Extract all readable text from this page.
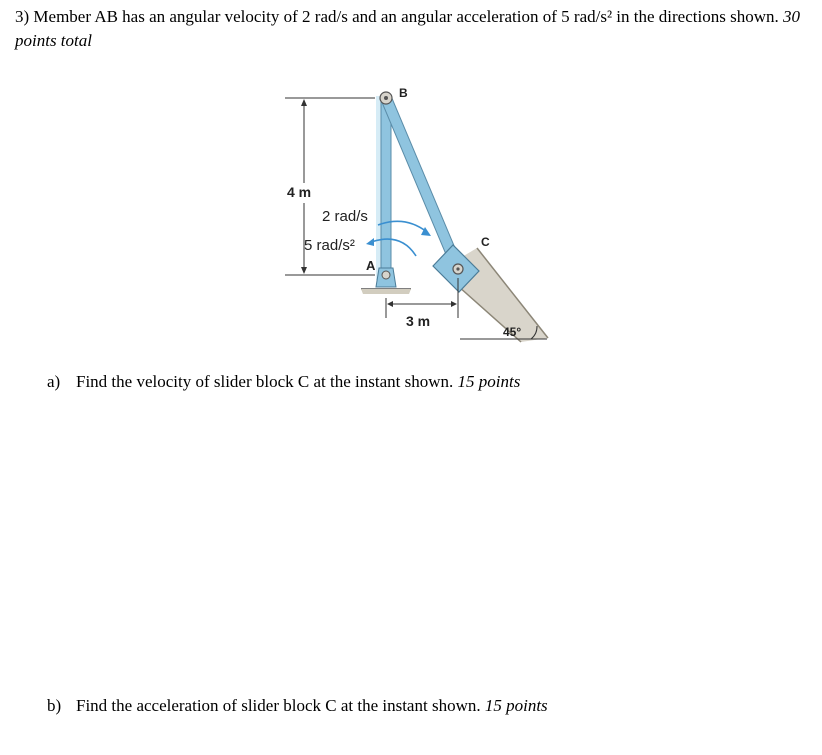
3) Member AB has an angular velocity of 2 rad/s and an angular acceleration of 5 rad/s² in the directions shown. 30 points total
B
4 m
2 rad/s
5 rad/s²
A
C
3 m
45°
a) Find the velocity of slider block C at the instant shown. 15 points
b) Find the acceleration of slider block C at the instant shown. 15 points
